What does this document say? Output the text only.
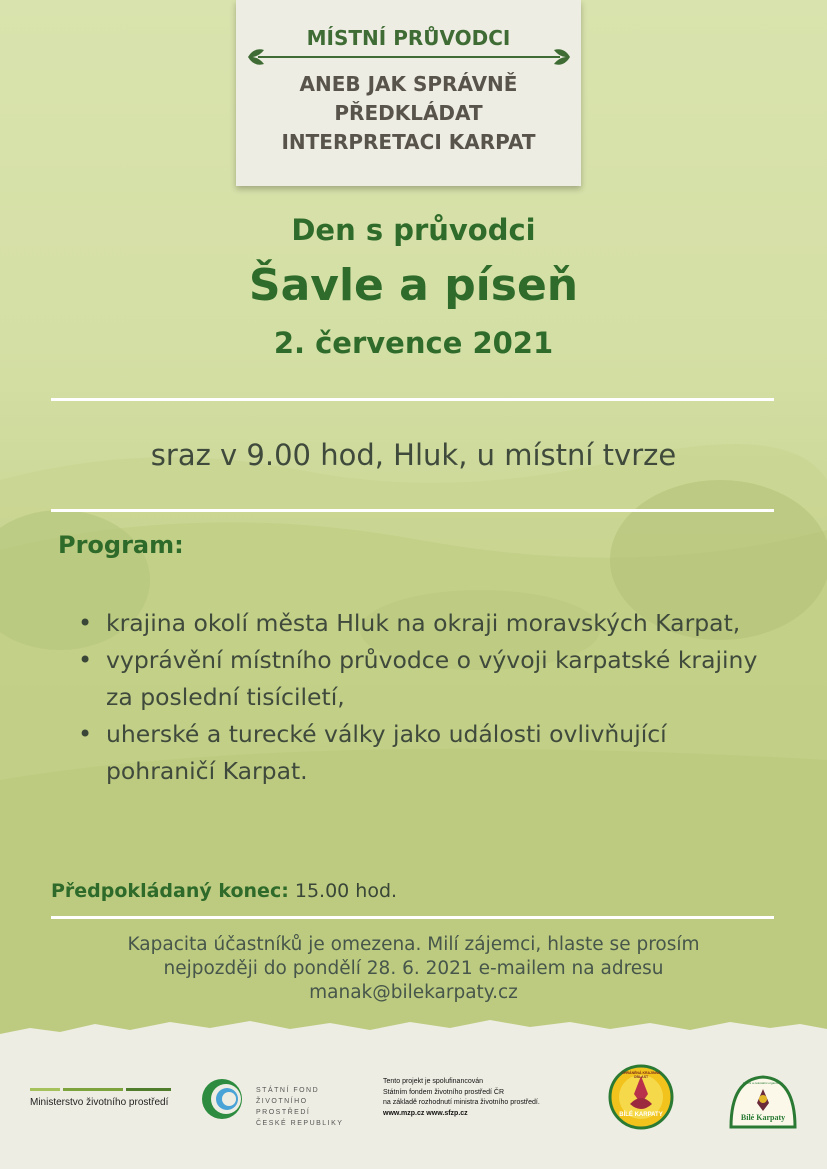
MÍSTNÍ PRŮVODCI
ANEB JAK SPRÁVNĚ
PŘEDKLÁDAT
INTERPRETACI KARPAT
Den s průvodci
Šavle a píseň
2. července 2021
sraz v 9.00 hod, Hluk, u místní tvrze
Program:
• krajina okolí města Hluk na okraji moravských Karpat,
• vyprávění místního průvodce o vývoji karpatské krajiny za poslední tisíciletí,
• uherské a turecké války jako události ovlivňující pohraničí Karpat.
Předpokládaný konec: 15.00 hod.
Kapacita účastníků je omezena. Milí zájemci, hlaste se prosím
nejpozději do pondělí 28. 6. 2021 e-mailem na adresu
manak@bilekarpaty.cz
Ministerstvo životního prostředí
STÁTNÍ FOND
ŽIVOTNÍHO PROSTŘEDÍ
ČESKÉ REPUBLIKY
Tento projekt je spolufinancován
Státním fondem životního prostředí ČR
na základě rozhodnutí ministra životního prostředí.
www.mzp.cz www.sfzp.cz
CHRÁNĚNÁ KRAJINNÁ OBLAST
BÍLÉ KARPATY
Místní a celostátní organizace
Bílé Karpaty
